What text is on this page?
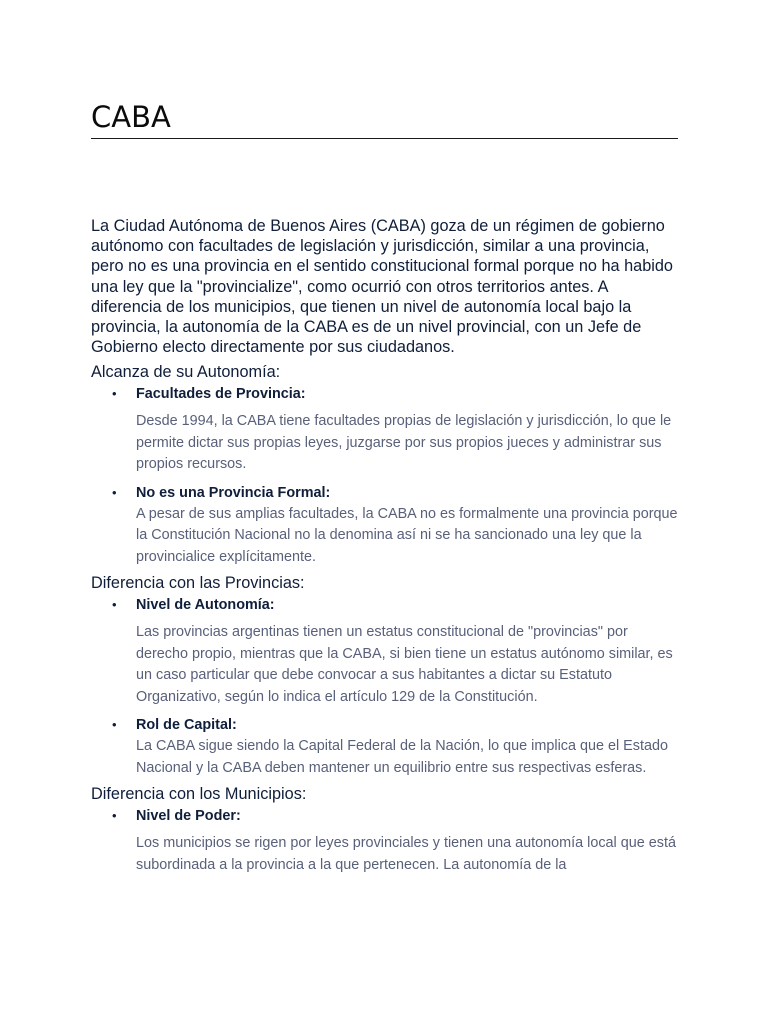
CABA

La Ciudad Autónoma de Buenos Aires (CABA) goza de un régimen de gobierno autónomo con facultades de legislación y jurisdicción, similar a una provincia, pero no es una provincia en el sentido constitucional formal porque no ha habido una ley que la "provincialize", como ocurrió con otros territorios antes. A diferencia de los municipios, que tienen un nivel de autonomía local bajo la provincia, la autonomía de la CABA es de un nivel provincial, con un Jefe de Gobierno electo directamente por sus ciudadanos.

Alcanza de su Autonomía:
• Facultades de Provincia:

Desde 1994, la CABA tiene facultades propias de legislación y jurisdicción, lo que le permite dictar sus propias leyes, juzgarse por sus propios jueces y administrar sus propios recursos.

• No es una Provincia Formal:

A pesar de sus amplias facultades, la CABA no es formalmente una provincia porque la Constitución Nacional no la denomina así ni se ha sancionado una ley que la provincialice explícitamente.

Diferencia con las Provincias:
• Nivel de Autonomía:

Las provincias argentinas tienen un estatus constitucional de "provincias" por derecho propio, mientras que la CABA, si bien tiene un estatus autónomo similar, es un caso particular que debe convocar a sus habitantes a dictar su Estatuto Organizativo, según lo indica el artículo 129 de la Constitución.

• Rol de Capital:

La CABA sigue siendo la Capital Federal de la Nación, lo que implica que el Estado Nacional y la CABA deben mantener un equilibrio entre sus respectivas esferas.

Diferencia con los Municipios:
• Nivel de Poder:

Los municipios se rigen por leyes provinciales y tienen una autonomía local que está subordinada a la provincia a la que pertenecen. La autonomía de la
